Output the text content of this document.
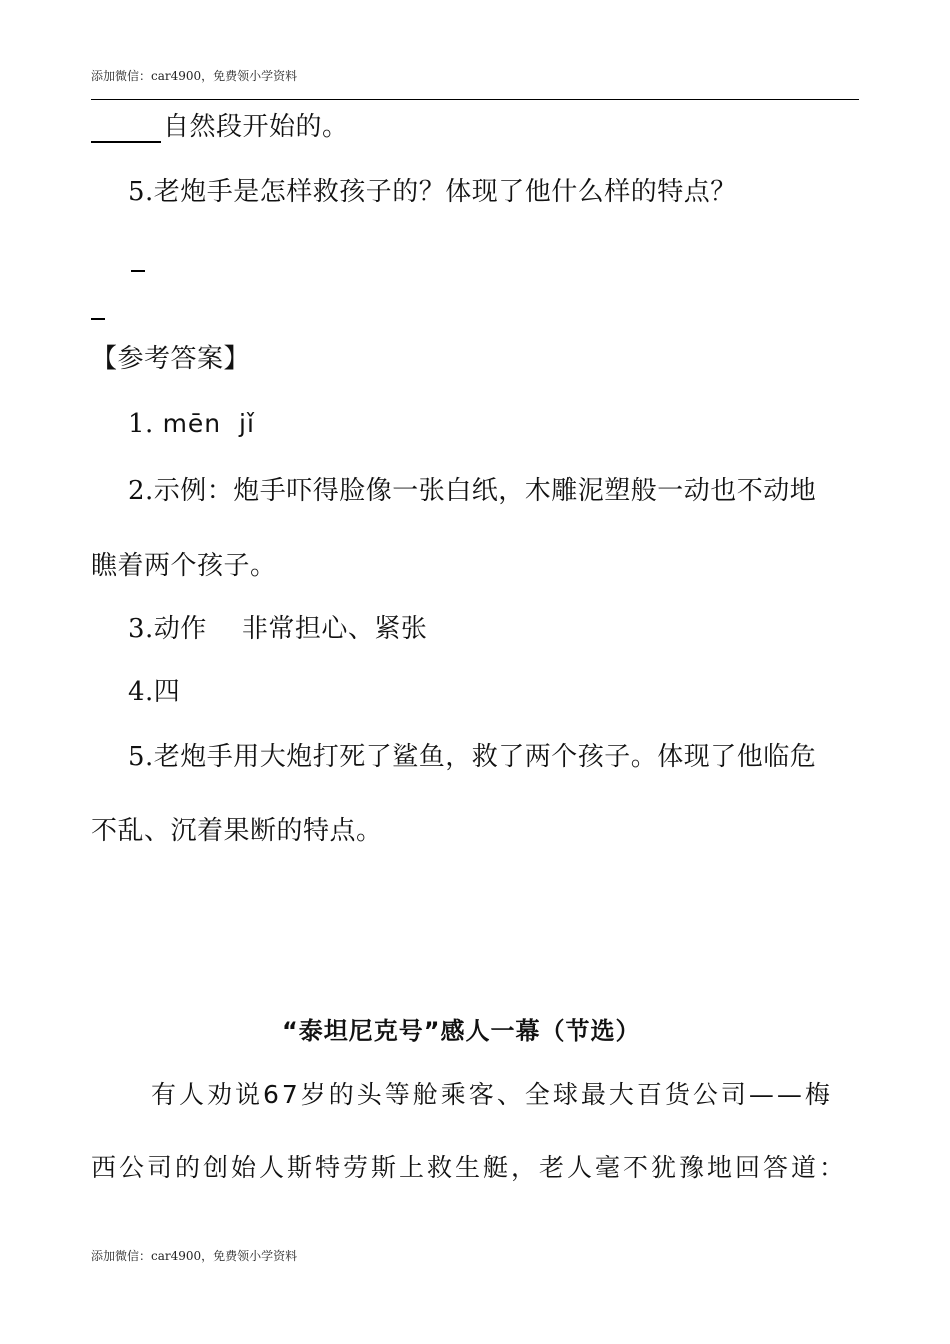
添加微信：car4900，免费领小学资料
自然段开始的。
5.老炮手是怎样救孩子的？体现了他什么样的特点？
【参考答案】
1. mēn  jǐ
2.示例：炮手吓得脸像一张白纸，木雕泥塑般一动也不动地
瞧着两个孩子。
3.动作    非常担心、紧张
4.四
5.老炮手用大炮打死了鲨鱼，救了两个孩子。体现了他临危
不乱、沉着果断的特点。
“泰坦尼克号”感人一幕（节选）
有人劝说67岁的头等舱乘客、全球最大百货公司——梅
西公司的创始人斯特劳斯上救生艇，老人毫不犹豫地回答道：
添加微信：car4900，免费领小学资料
